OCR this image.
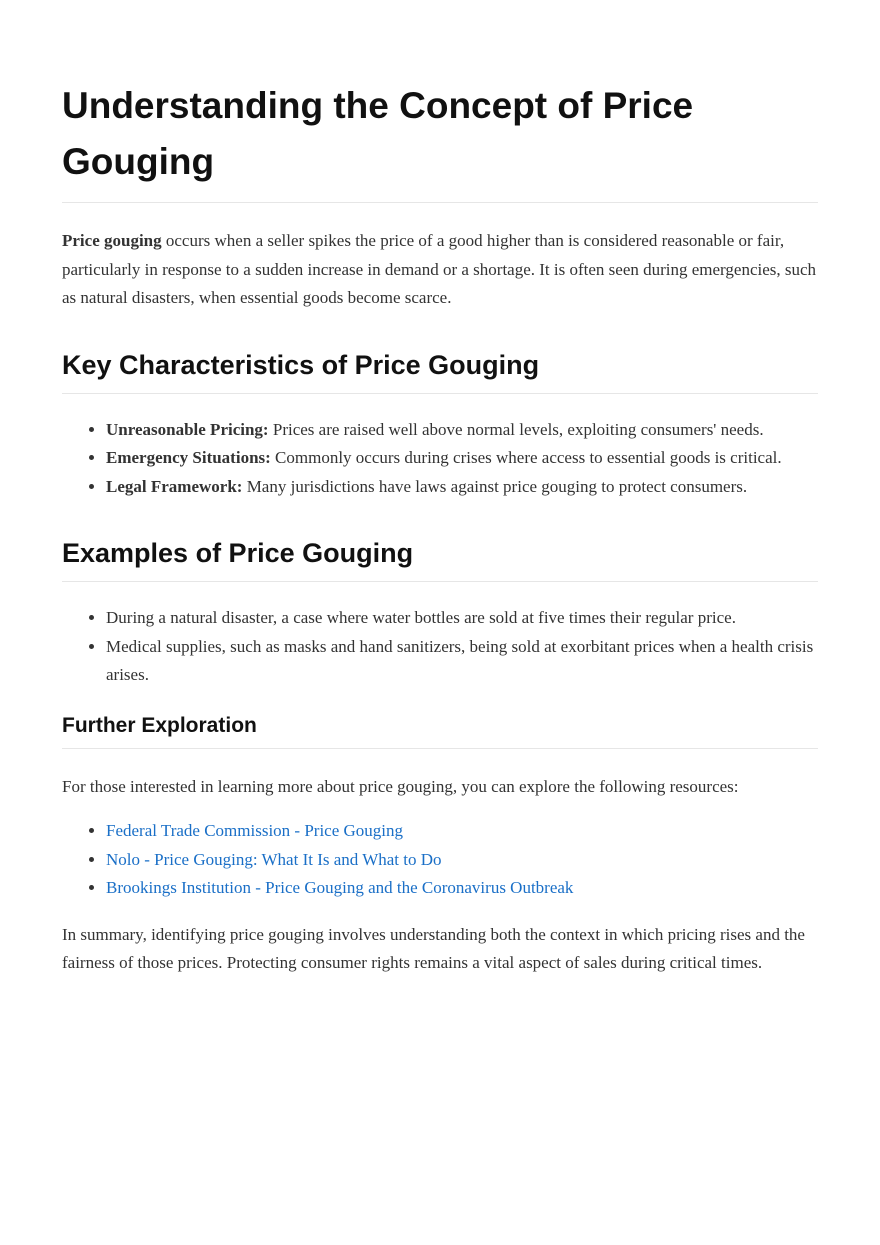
Understanding the Concept of Price Gouging

Price gouging occurs when a seller spikes the price of a good higher than is considered reasonable or fair, particularly in response to a sudden increase in demand or a shortage. It is often seen during emergencies, such as natural disasters, when essential goods become scarce.

Key Characteristics of Price Gouging
• Unreasonable Pricing: Prices are raised well above normal levels, exploiting consumers' needs.
• Emergency Situations: Commonly occurs during crises where access to essential goods is critical.
• Legal Framework: Many jurisdictions have laws against price gouging to protect consumers.
Examples of Price Gouging
• During a natural disaster, a case where water bottles are sold at five times their regular price.
• Medical supplies, such as masks and hand sanitizers, being sold at exorbitant prices when a health crisis arises.
Further Exploration

For those interested in learning more about price gouging, you can explore the following resources:

• Federal Trade Commission - Price Gouging
• Nolo - Price Gouging: What It Is and What to Do
• Brookings Institution - Price Gouging and the Coronavirus Outbreak

In summary, identifying price gouging involves understanding both the context in which pricing rises and the fairness of those prices. Protecting consumer rights remains a vital aspect of sales during critical times.
